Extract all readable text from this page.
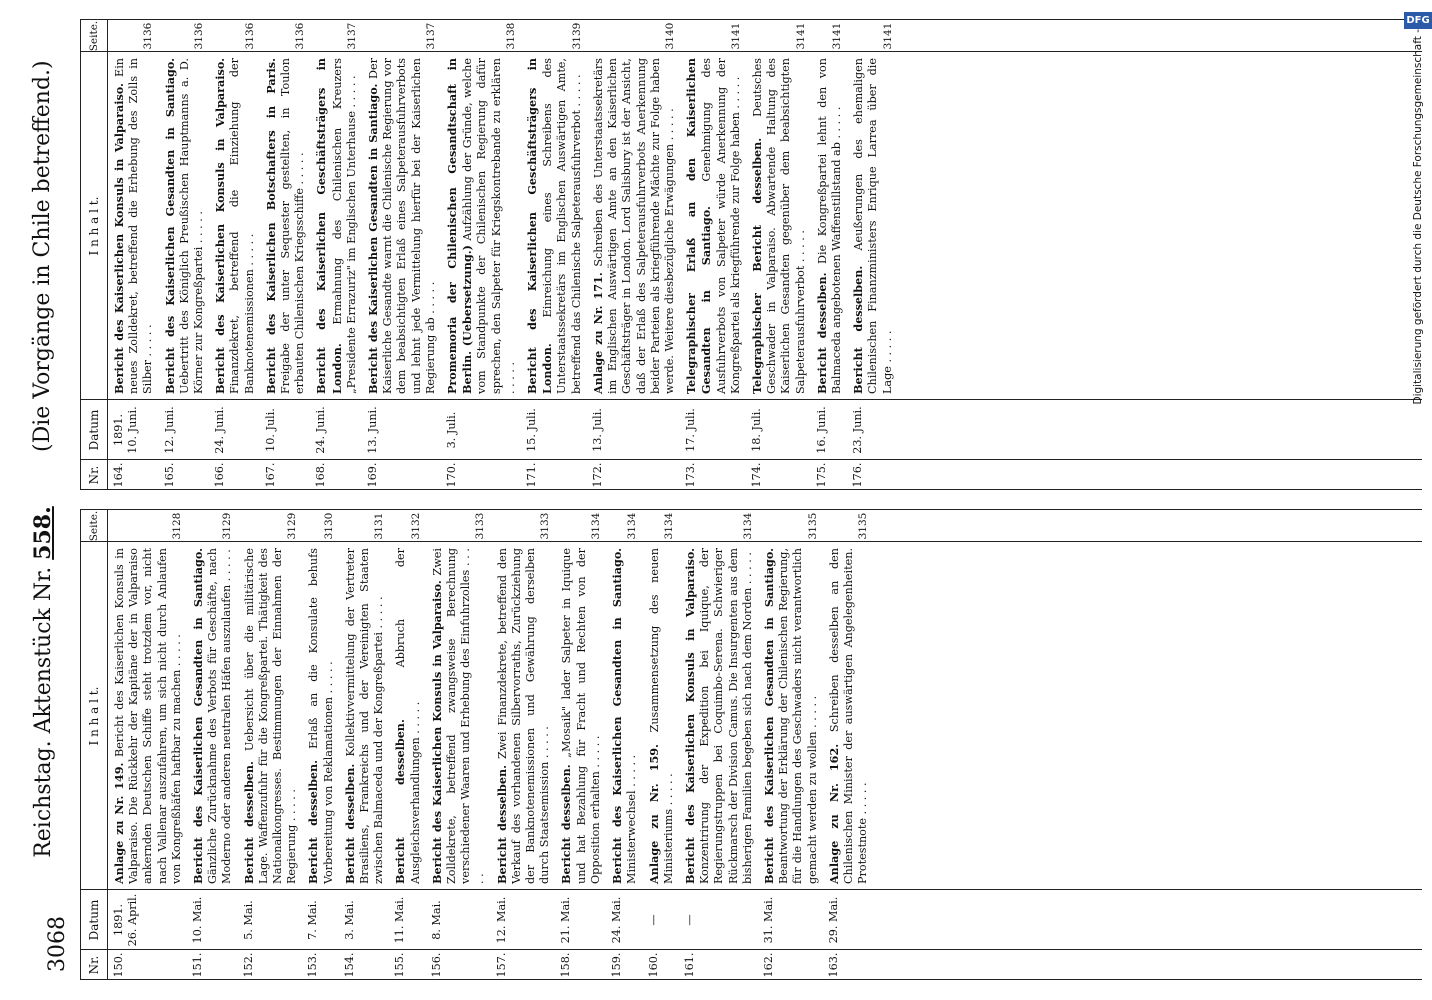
3068
Reichstag. Aktenstück Nr. 558.
(Die Vorgänge in Chile betreffend.)
Nr.
Datum
I n h a l t.
Seite.
150.
1891. 26. April.
Anlage zu Nr. 149. Bericht des Kaiserlichen Konsuls in Valparaiso. Die Rückkehr der Kapitäne der in Valparaiso ankernden Deutschen Schiffe steht trotzdem vor, nicht nach Vallenar auszufahren, um sich nicht durch Anlaufen von Kongreßhäfen haftbar zu machen . . . . .
3128
151.
10. Mai.
Bericht des Kaiserlichen Gesandten in Santiago. Gänzliche Zurücknahme des Verbots für Geschäfte, nach Moderno oder anderen neutralen Häfen auszulaufen . . . . .
3129
152.
5. Mai.
Bericht desselben. Uebersicht über die militärische Lage. Waffenzufuhr für die Kongreßpartei. Thätigkeit des Nationalkongresses. Bestimmungen der Einnahmen der Regierung . . . . .
3129
153.
7. Mai.
Bericht desselben. Erlaß an die Konsulate behufs Vorbereitung von Reklamationen . . . . .
3130
154.
3. Mai.
Bericht desselben. Kollektivvermittelung der Vertreter Brasiliens, Frankreichs und der Vereinigten Staaten zwischen Balmaceda und der Kongreßpartei . . . . .
3131
155.
11. Mai.
Bericht desselben. Abbruch der Ausgleichsverhandlungen . . . . .
3132
156.
8. Mai.
Bericht des Kaiserlichen Konsuls in Valparaiso. Zwei Zolldekrete, betreffend zwangsweise Berechnung verschiedener Waaren und Erhebung des Einfuhrzolles . . . . .
3133
157.
12. Mai.
Bericht desselben. Zwei Finanzdekrete, betreffend den Verkauf des vorhandenen Silbervorraths, Zurückziehung der Banknotenemissionen und Gewährung derselben durch Staatsemission . . . . .
3133
158.
21. Mai.
Bericht desselben. „Mosaik" lader Salpeter in Iquique und hat Bezahlung für Fracht und Rechten von der Opposition erhalten . . . . .
3134
159.
24. Mai.
Bericht des Kaiserlichen Gesandten in Santiago. Ministerwechsel . . . . .
3134
160.
—
Anlage zu Nr. 159. Zusammensetzung des neuen Ministeriums . . . . .
3134
161.
—
Bericht des Kaiserlichen Konsuls in Valparaiso. Konzentrirung der Expedition bei Iquique, der Regierungstruppen bei Coquimbo-Serena. Schwieriger Rückmarsch der Division Camus. Die Insurgenten aus dem bisherigen Familien begeben sich nach dem Norden . . . . .
3134
162.
31. Mai.
Bericht des Kaiserlichen Gesandten in Santiago. Beantwortung der Erklärung der Chilenischen Regierung, für die Handlungen des Geschwaders nicht verantwortlich gemacht werden zu wollen . . . . .
3135
163.
29. Mai.
Anlage zu Nr. 162. Schreiben desselben an den Chilenischen Minister der auswärtigen Angelegenheiten. Protestnote . . . . .
3135
Nr.
Datum
I n h a l t.
Seite.
164.
1891. 10. Juni.
Bericht des Kaiserlichen Konsuls in Valparaiso. Ein neues Zolldekret, betreffend die Erhebung des Zolls in Silber . . . . .
3136
165.
12. Juni.
Bericht des Kaiserlichen Gesandten in Santiago. Uebertritt des Königlich Preußischen Hauptmanns a. D. Körner zur Kongreßpartei . . . . .
3136
166.
24. Juni.
Bericht des Kaiserlichen Konsuls in Valparaiso. Finanzdekret, betreffend die Einziehung der Banknotenemissionen . . . . .
3136
167.
10. Juli.
Bericht des Kaiserlichen Botschafters in Paris. Freigabe der unter Sequester gestellten, in Toulon erbauten Chilenischen Kriegsschiffe . . . . .
3136
168.
24. Juni.
Bericht des Kaiserlichen Geschäftsträgers in London. Ermahnung des Chilenischen Kreuzers „Presidente Errazuriz" im Englischen Unterhause . . . . .
3137
169.
13. Juni.
Bericht des Kaiserlichen Gesandten in Santiago. Der Kaiserliche Gesandte warnt die Chilenische Regierung vor dem beabsichtigten Erlaß eines Salpeterausfuhrverbots und lehnt jede Vermittelung hierfür bei der Kaiserlichen Regierung ab . . . . .
3137
170.
3. Juli.
Promemoria der Chilenischen Gesandtschaft in Berlin. (Uebersetzung.) Aufzählung der Gründe, welche vom Standpunkte der Chilenischen Regierung dafür sprechen, den Salpeter für Kriegskontrebande zu erklären . . . . .
3138
171.
15. Juli.
Bericht des Kaiserlichen Geschäftsträgers in London. Einreichung eines Schreibens des Unterstaatssekretärs im Englischen Auswärtigen Amte, betreffend das Chilenische Salpeterausfuhrverbot . . . . .
3139
172.
13. Juli.
Anlage zu Nr. 171. Schreiben des Unterstaatssekretärs im Englischen Auswärtigen Amte an den Kaiserlichen Geschäftsträger in London. Lord Salisbury ist der Ansicht, daß der Erlaß des Salpeterausfuhrverbots Anerkennung beider Parteien als kriegführende Mächte zur Folge haben werde. Weitere diesbezügliche Erwägungen . . . . .
3140
173.
17. Juli.
Telegraphischer Erlaß an den Kaiserlichen Gesandten in Santiago. Genehmigung des Ausfuhrverbots von Salpeter würde Anerkennung der Kongreßpartei als kriegführende zur Folge haben . . . . .
3141
174.
18. Juli.
Telegraphischer Bericht desselben. Deutsches Geschwader in Valparaiso. Abwartende Haltung des Kaiserlichen Gesandten gegenüber dem beabsichtigten Salpeterausfuhrverbot . . . . .
3141
175.
16. Juni.
Bericht desselben. Die Kongreßpartei lehnt den von Balmaceda angebotenen Waffenstillstand ab . . . . .
3141
176.
23. Juni.
Bericht desselben. Aeußerungen des ehemaligen Chilenischen Finanzministers Enrique Larrea über die Lage . . . . .
3141
DFG
Digitalisierung gefördert durch die Deutsche Forschungsgemeinschaft -
